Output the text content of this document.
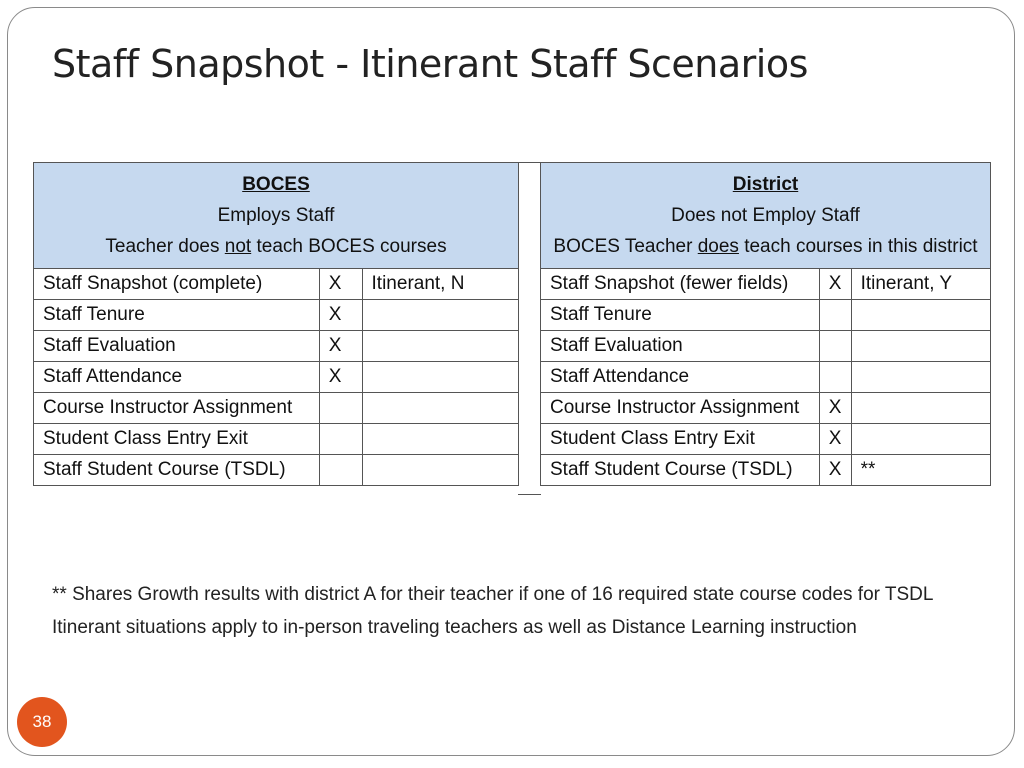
Staff Snapshot - Itinerant Staff Scenarios
BOCES
Employs Staff
Teacher does not teach BOCES courses		

Staff Snapshot (complete)	X	Itinerant, N
Staff Tenure	X	
Staff Evaluation	X	
Staff Attendance	X	
Course Instructor Assignment		
Student Class Entry Exit		
Staff Student Course (TSDL)		
District
Does not Employ Staff
BOCES Teacher does teach courses in this district		

Staff Snapshot (fewer fields)	X	Itinerant, Y
Staff Tenure		
Staff Evaluation		
Staff Attendance		
Course Instructor Assignment	X	
Student Class Entry Exit	X	
Staff Student Course (TSDL)	X	**
** Shares Growth results with district A for their teacher if one of 16 required state course codes for TSDL
Itinerant situations apply to in-person traveling teachers as well as Distance Learning instruction
38
